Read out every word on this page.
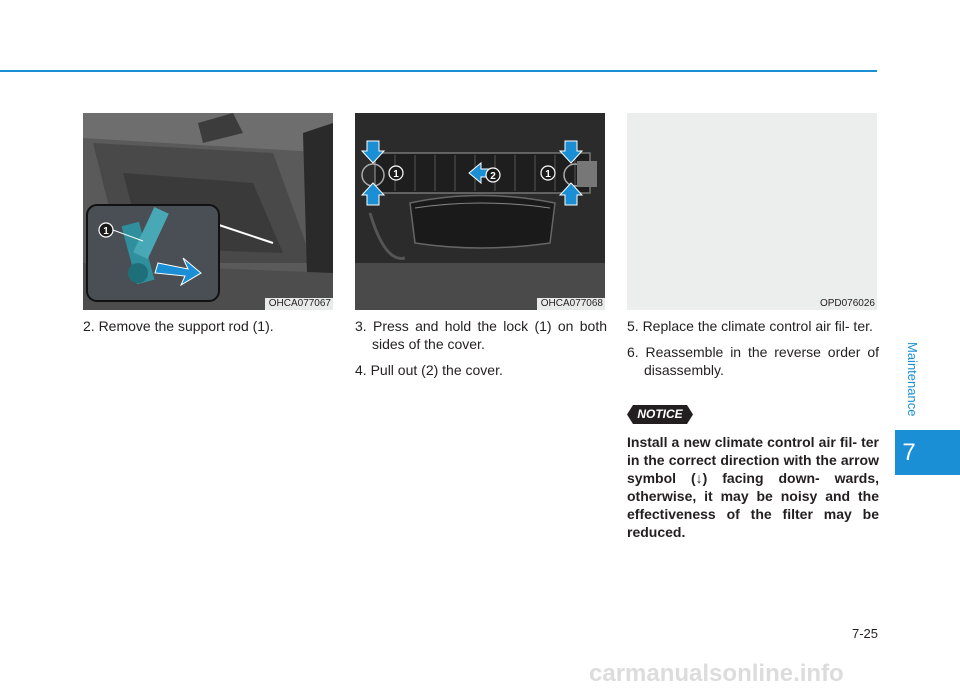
1
OHCA077067
1	2	1
OHCA077068	OPD076026

2. Remove the support rod (1).	3. Press and hold the lock (1) on both sides of the cover.

4. Pull out (2) the cover.

5. Replace the climate control air fil- ter.

6. Reassemble in the reverse order of disassembly.

NOTICE
Install a new climate control air fil- ter in the correct direction with the arrow symbol (↓) facing down- wards, otherwise, it may be noisy and the effectiveness of the filter may be reduced.
Maintenance
7
7-25
carmanualsonline.info
